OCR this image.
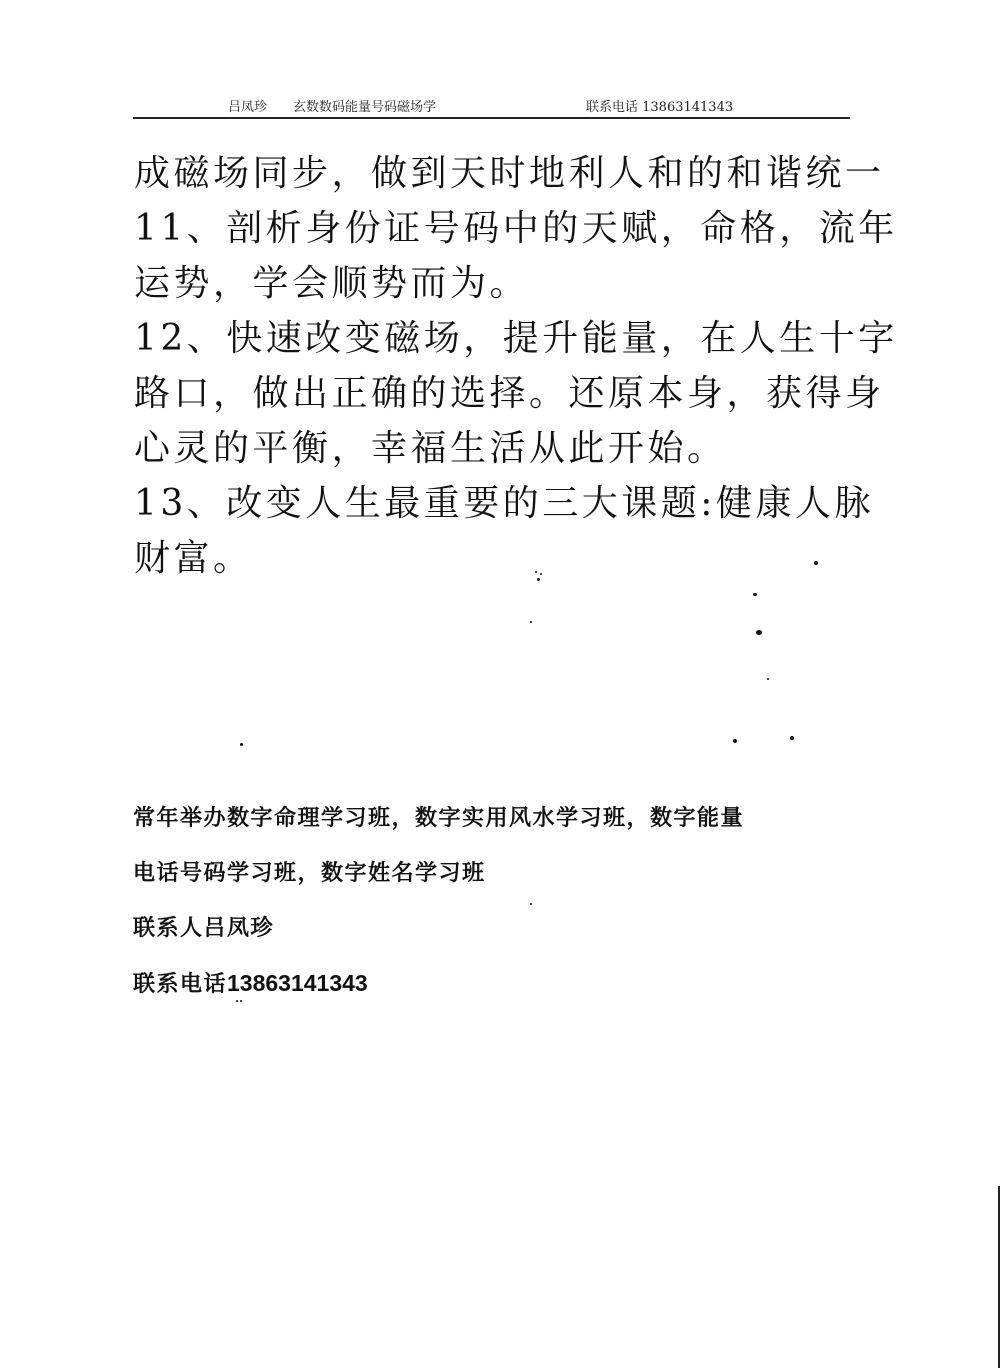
吕凤珍 玄数数码能量号码磁场学	联系电话 13863141343
成磁场同步，做到天时地利人和的和谐统一
11、剖析身份证号码中的天赋，命格，流年
运势，学会顺势而为。
12、快速改变磁场，提升能量，在人生十字
路口，做出正确的选择。还原本身，获得身
心灵的平衡，幸福生活从此开始。
13、改变人生最重要的三大课题:健康人脉
财富。
常年举办数字命理学习班，数字实用风水学习班，数字能量
电话号码学习班，数字姓名学习班
联系人吕凤珍
联系电话13863141343
